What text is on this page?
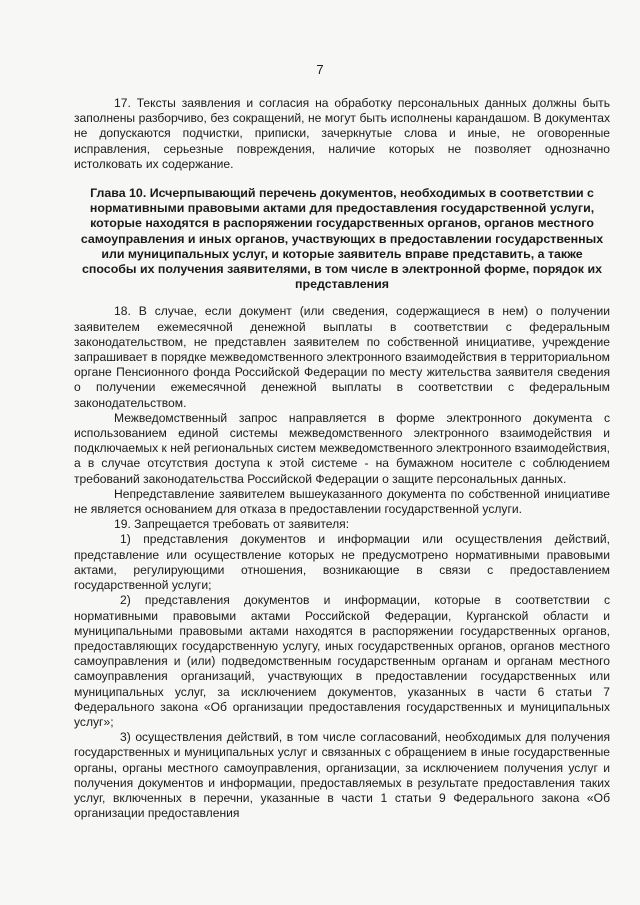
7

17. Тексты заявления и согласия на обработку персональных данных должны быть заполнены разборчиво, без сокращений, не могут быть исполнены карандашом. В документах не допускаются подчистки, приписки, зачеркнутые слова и иные, не оговоренные исправления, серьезные повреждения, наличие которых не позволяет однозначно истолковать их содержание.

Глава 10. Исчерпывающий перечень документов, необходимых в соответствии с нормативными правовыми актами для предоставления государственной услуги, которые находятся в распоряжении государственных органов, органов местного самоуправления и иных органов, участвующих в предоставлении государственных или муниципальных услуг, и которые заявитель вправе представить, а также способы их получения заявителями, в том числе в электронной форме, порядок их представления

18. В случае, если документ (или сведения, содержащиеся в нем) о получении заявителем ежемесячной денежной выплаты в соответствии с федеральным законодательством, не представлен заявителем по собственной инициативе, учреждение запрашивает в порядке межведомственного электронного взаимодействия в территориальном органе Пенсионного фонда Российской Федерации по месту жительства заявителя сведения о получении ежемесячной денежной выплаты в соответствии с федеральным законодательством.

Межведомственный запрос направляется в форме электронного документа с использованием единой системы межведомственного электронного взаимодействия и подключаемых к ней региональных систем межведомственного электронного взаимодействия, а в случае отсутствия доступа к этой системе - на бумажном носителе с соблюдением требований законодательства Российской Федерации о защите персональных данных.

Непредставление заявителем вышеуказанного документа по собственной инициативе не является основанием для отказа в предоставлении государственной услуги.

19. Запрещается требовать от заявителя:

1) представления документов и информации или осуществления действий, представление или осуществление которых не предусмотрено нормативными правовыми актами, регулирующими отношения, возникающие в связи с предоставлением государственной услуги;

2) представления документов и информации, которые в соответствии с нормативными правовыми актами Российской Федерации, Курганской области и муниципальными правовыми актами находятся в распоряжении государственных органов, предоставляющих государственную услугу, иных государственных органов, органов местного самоуправления и (или) подведомственным государственным органам и органам местного самоуправления организаций, участвующих в предоставлении государственных или муниципальных услуг, за исключением документов, указанных в части 6 статьи 7 Федерального закона «Об организации предоставления государственных и муниципальных услуг»;

3) осуществления действий, в том числе согласований, необходимых для получения государственных и муниципальных услуг и связанных с обращением в иные государственные органы, органы местного самоуправления, организации, за исключением получения услуг и получения документов и информации, предоставляемых в результате предоставления таких услуг, включенных в перечни, указанные в части 1 статьи 9 Федерального закона «Об организации предоставления
